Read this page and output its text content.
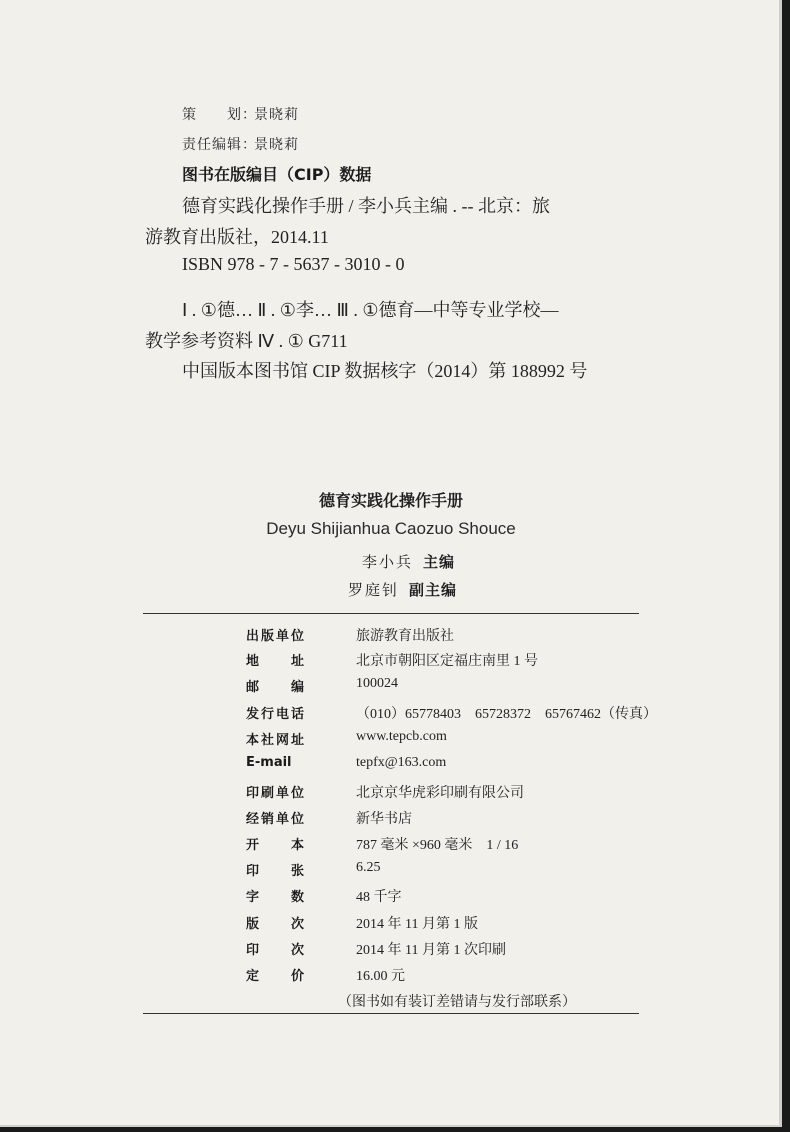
策　　划：景晓莉
责任编辑：景晓莉
图书在版编目（CIP）数据
德育实践化操作手册 / 李小兵主编 . -- 北京：旅
游教育出版社，2014.11
ISBN 978 - 7 - 5637 - 3010 - 0
Ⅰ . ①德… Ⅱ . ①李… Ⅲ . ①德育—中等专业学校—
教学参考资料 Ⅳ . ① G711
中国版本图书馆 CIP 数据核字（2014）第 188992 号
德育实践化操作手册
Deyu Shijianhua Caozuo Shouce
李小兵 主编
罗庭钊 副主编
出版单位	旅游教育出版社
地址	北京市朝阳区定福庄南里 1 号
邮编	100024
发行电话	（010）65778403　65728372　65767462（传真）
本社网址	www.tepcb.com
E-mail	tepfx@163.com
印刷单位	北京京华虎彩印刷有限公司
经销单位	新华书店
开本	787 毫米 ×960 毫米　1 / 16
印张	6.25
字数	48 千字
版次	2014 年 11 月第 1 版
印次	2014 年 11 月第 1 次印刷
定价	16.00 元
（图书如有装订差错请与发行部联系）
